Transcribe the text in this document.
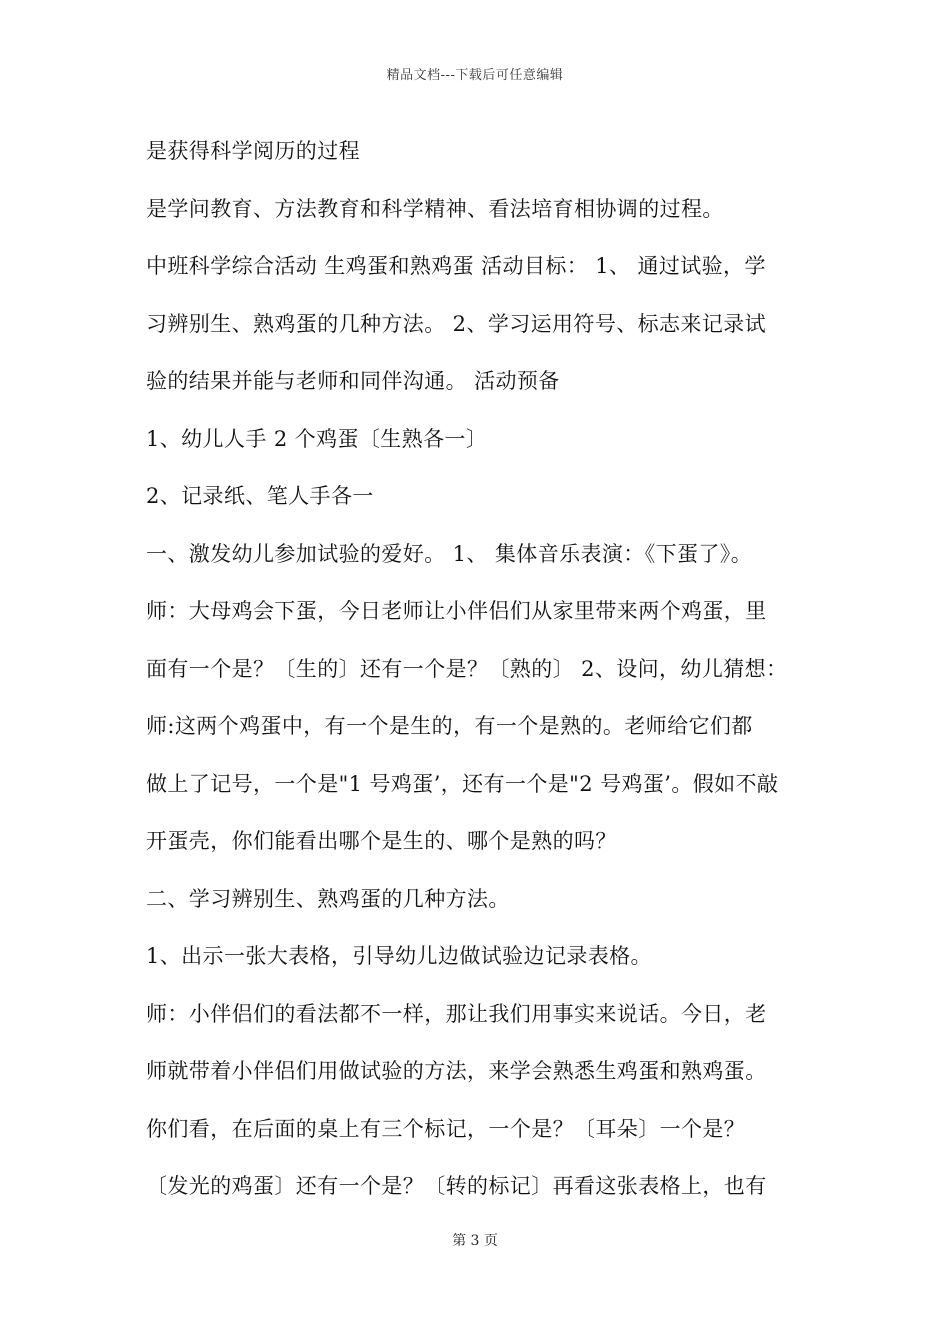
精品文档---下载后可任意编辑
是获得科学阅历的过程
是学问教育、方法教育和科学精神、看法培育相协调的过程。
中班科学综合活动 生鸡蛋和熟鸡蛋 活动目标： 1、 通过试验，学
习辨别生、熟鸡蛋的几种方法。 2、学习运用符号、标志来记录试
验的结果并能与老师和同伴沟通。 活动预备
1、幼儿人手 2 个鸡蛋〔生熟各一〕
2、记录纸、笔人手各一
一、激发幼儿参加试验的爱好。 1、 集体音乐表演：《下蛋了》。
师：大母鸡会下蛋，今日老师让小伴侣们从家里带来两个鸡蛋，里
面有一个是？〔生的〕还有一个是？〔熟的〕 2、设问，幼儿猜想：
师:这两个鸡蛋中，有一个是生的，有一个是熟的。老师给它们都
做上了记号，一个是"1 号鸡蛋’，还有一个是"2 号鸡蛋’。假如不敲
开蛋壳，你们能看出哪个是生的、哪个是熟的吗？
二、学习辨别生、熟鸡蛋的几种方法。
1、出示一张大表格，引导幼儿边做试验边记录表格。
师：小伴侣们的看法都不一样，那让我们用事实来说话。今日，老
师就带着小伴侣们用做试验的方法，来学会熟悉生鸡蛋和熟鸡蛋。
你们看，在后面的桌上有三个标记，一个是？〔耳朵〕一个是？
〔发光的鸡蛋〕还有一个是？〔转的标记〕再看这张表格上，也有
第 3 页
